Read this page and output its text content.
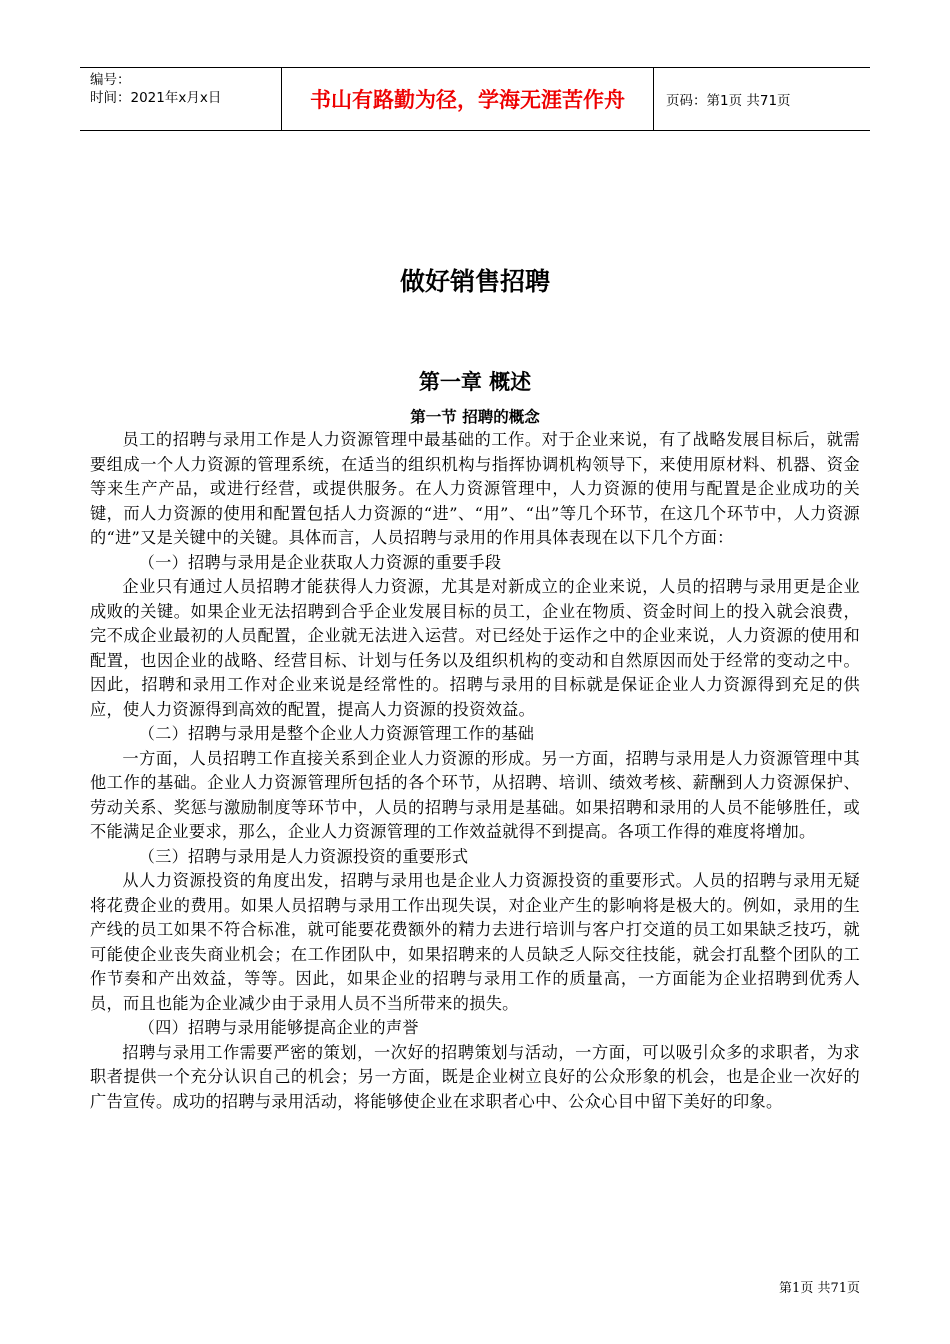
编号：
时间：2021年x月x日	书山有路勤为径，学海无涯苦作舟	页码：第1页 共71页
做好销售招聘
第一章 概述
第一节 招聘的概念

员工的招聘与录用工作是人力资源管理中最基础的工作。对于企业来说，有了战略发展目标后，就需要组成一个人力资源的管理系统，在适当的组织机构与指挥协调机构领导下，来使用原材料、机器、资金等来生产产品，或进行经营，或提供服务。在人力资源管理中，人力资源的使用与配置是企业成功的关键，而人力资源的使用和配置包括人力资源的“进”、“用”、“出”等几个环节，在这几个环节中，人力资源的“进”又是关键中的关键。具体而言，人员招聘与录用的作用具体表现在以下几个方面：

（一）招聘与录用是企业获取人力资源的重要手段

企业只有通过人员招聘才能获得人力资源，尤其是对新成立的企业来说，人员的招聘与录用更是企业成败的关键。如果企业无法招聘到合乎企业发展目标的员工，企业在物质、资金时间上的投入就会浪费，完不成企业最初的人员配置，企业就无法进入运营。对已经处于运作之中的企业来说，人力资源的使用和配置，也因企业的战略、经营目标、计划与任务以及组织机构的变动和自然原因而处于经常的变动之中。因此，招聘和录用工作对企业来说是经常性的。招聘与录用的目标就是保证企业人力资源得到充足的供应，使人力资源得到高效的配置，提高人力资源的投资效益。

（二）招聘与录用是整个企业人力资源管理工作的基础

一方面，人员招聘工作直接关系到企业人力资源的形成。另一方面，招聘与录用是人力资源管理中其他工作的基础。企业人力资源管理所包括的各个环节，从招聘、培训、绩效考核、薪酬到人力资源保护、劳动关系、奖惩与激励制度等环节中，人员的招聘与录用是基础。如果招聘和录用的人员不能够胜任，或不能满足企业要求，那么，企业人力资源管理的工作效益就得不到提高。各项工作得的难度将增加。

（三）招聘与录用是人力资源投资的重要形式

从人力资源投资的角度出发，招聘与录用也是企业人力资源投资的重要形式。人员的招聘与录用无疑将花费企业的费用。如果人员招聘与录用工作出现失误，对企业产生的影响将是极大的。例如，录用的生产线的员工如果不符合标准，就可能要花费额外的精力去进行培训与客户打交道的员工如果缺乏技巧，就可能使企业丧失商业机会；在工作团队中，如果招聘来的人员缺乏人际交往技能，就会打乱整个团队的工作节奏和产出效益，等等。因此，如果企业的招聘与录用工作的质量高，一方面能为企业招聘到优秀人员，而且也能为企业减少由于录用人员不当所带来的损失。

（四）招聘与录用能够提高企业的声誉

招聘与录用工作需要严密的策划，一次好的招聘策划与活动，一方面，可以吸引众多的求职者，为求职者提供一个充分认识自己的机会；另一方面，既是企业树立良好的公众形象的机会，也是企业一次好的广告宣传。成功的招聘与录用活动，将能够使企业在求职者心中、公众心目中留下美好的印象。

第1页 共71页
